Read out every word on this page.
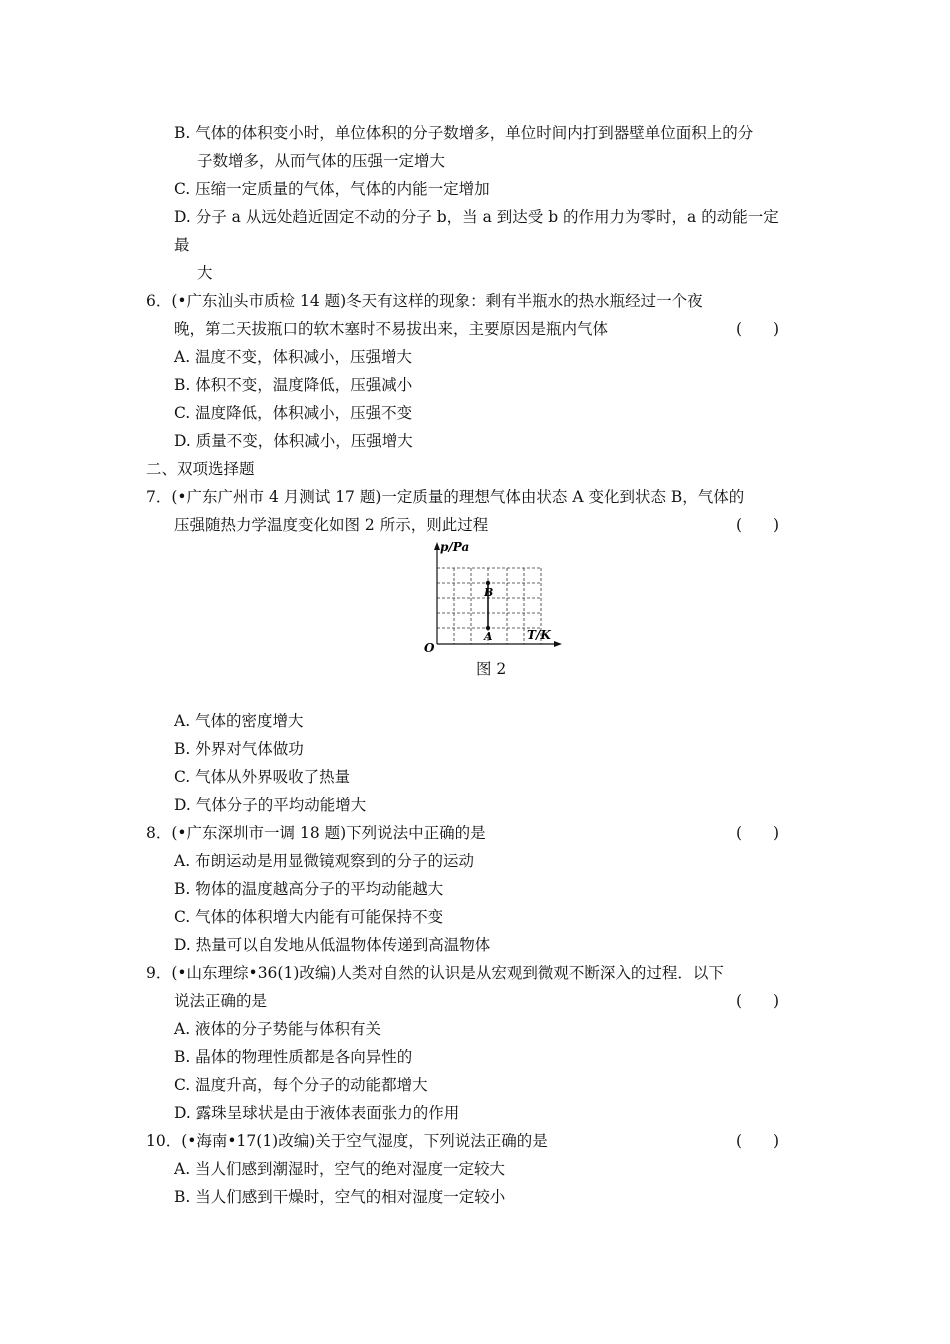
B. 气体的体积变小时，单位体积的分子数增多，单位时间内打到器壁单位面积上的分
子数增多，从而气体的压强一定增大
C. 压缩一定质量的气体，气体的内能一定增加
D. 分子 a 从远处趋近固定不动的分子 b，当 a 到达受 b 的作用力为零时，a 的动能一定
最
大
6．(•广东汕头市质检 14 题)冬天有这样的现象：剩有半瓶水的热水瓶经过一个夜
晚，第二天拔瓶口的软木塞时不易拔出来，主要原因是瓶内气体	(　　)
A. 温度不变，体积减小，压强增大
B. 体积不变，温度降低，压强减小
C. 温度降低，体积减小，压强不变
D. 质量不变，体积减小，压强增大
二、双项选择题
7．(•广东广州市 4 月测试 17 题)一定质量的理想气体由状态 A 变化到状态 B，气体的
压强随热力学温度变化如图 2 所示，则此过程	(　　)
p/Pa
T/K
O
B
A
图 2
A. 气体的密度增大
B. 外界对气体做功
C. 气体从外界吸收了热量
D. 气体分子的平均动能增大
8．(•广东深圳市一调 18 题)下列说法中正确的是	(　　)
A. 布朗运动是用显微镜观察到的分子的运动
B. 物体的温度越高分子的平均动能越大
C. 气体的体积增大内能有可能保持不变
D. 热量可以自发地从低温物体传递到高温物体
9．(•山东理综•36(1)改编)人类对自然的认识是从宏观到微观不断深入的过程．以下
说法正确的是	(　　)
A. 液体的分子势能与体积有关
B. 晶体的物理性质都是各向异性的
C. 温度升高，每个分子的动能都增大
D. 露珠呈球状是由于液体表面张力的作用
10．(•海南•17(1)改编)关于空气湿度，下列说法正确的是	(　　)
A. 当人们感到潮湿时，空气的绝对湿度一定较大
B. 当人们感到干燥时，空气的相对湿度一定较小
